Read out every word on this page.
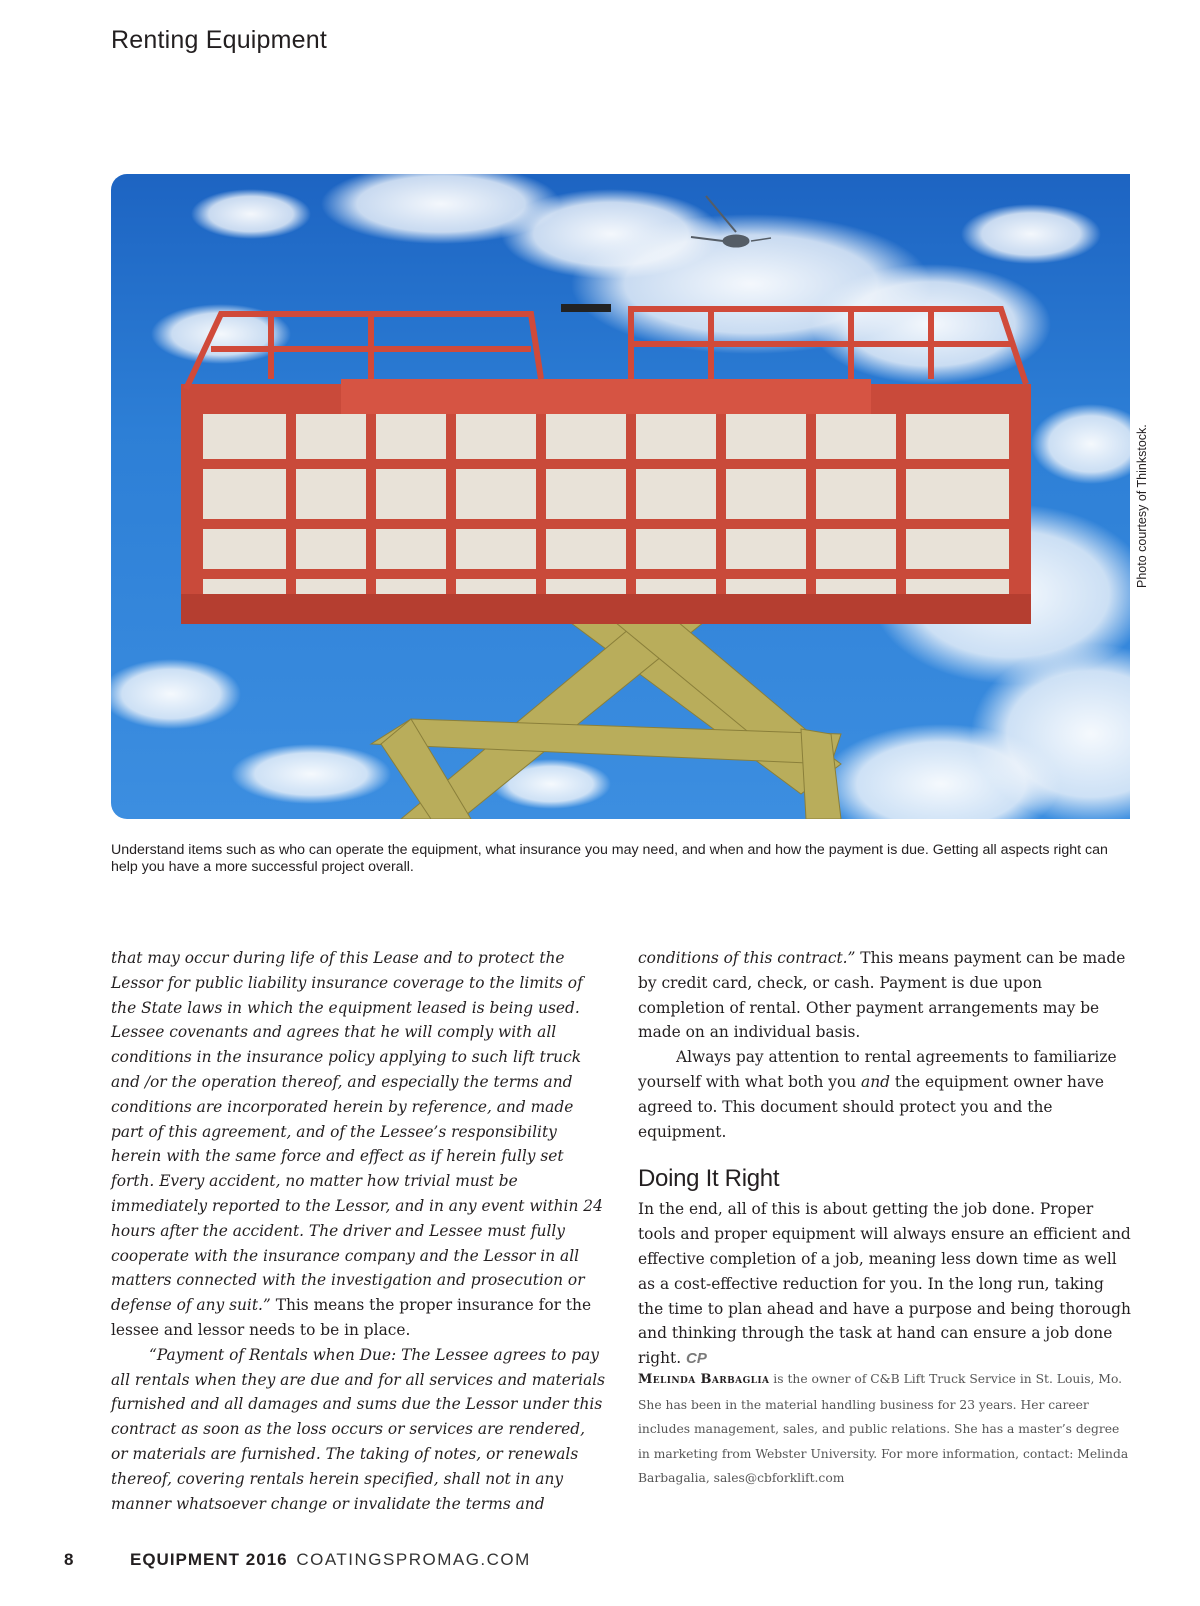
Renting Equipment
Photo courtesy of Thinkstock.
Understand items such as who can operate the equipment, what insurance you may need, and when and how the payment is due. Getting all aspects right can help you have a more successful project overall.

that may occur during life of this Lease and to protect the Lessor for public liability insurance coverage to the limits of the State laws in which the equipment leased is being used. Lessee covenants and agrees that he will comply with all conditions in the insurance policy applying to such lift truck and /or the operation thereof, and especially the terms and conditions are incorporated herein by reference, and made part of this agreement, and of the Lessee’s responsibility herein with the same force and effect as if herein fully set forth. Every accident, no matter how trivial must be immediately reported to the Lessor, and in any event within 24 hours after the accident. The driver and Lessee must fully cooperate with the insurance company and the Lessor in all matters connected with the investigation and prosecution or defense of any suit.” This means the proper insurance for the lessee and lessor needs to be in place.

“Payment of Rentals when Due: The Lessee agrees to pay all rentals when they are due and for all services and materials furnished and all damages and sums due the Lessor under this contract as soon as the loss occurs or services are rendered, or materials are furnished. The taking of notes, or renewals thereof, covering rentals herein specified, shall not in any manner whatsoever change or invalidate the terms and

conditions of this contract.” This means payment can be made by credit card, check, or cash. Payment is due upon completion of rental. Other payment arrangements may be made on an individual basis.

Always pay attention to rental agreements to familiarize yourself with what both you and the equipment owner have agreed to. This document should protect you and the equipment.

Doing It Right

In the end, all of this is about getting the job done. Proper tools and proper equipment will always ensure an efficient and effective completion of a job, meaning less down time as well as a cost-effective reduction for you. In the long run, taking the time to plan ahead and have a purpose and being thorough and thinking through the task at hand can ensure a job done right. CP

Melinda Barbaglia is the owner of C&B Lift Truck Service in St. Louis, Mo. She has been in the material handling business for 23 years. Her career includes management, sales, and public relations. She has a master’s degree in marketing from Webster University. For more information, contact: Melinda Barbagalia, sales@cbforklift.com
8	EQUIPMENT 2016 COATINGSPROMAG.COM
